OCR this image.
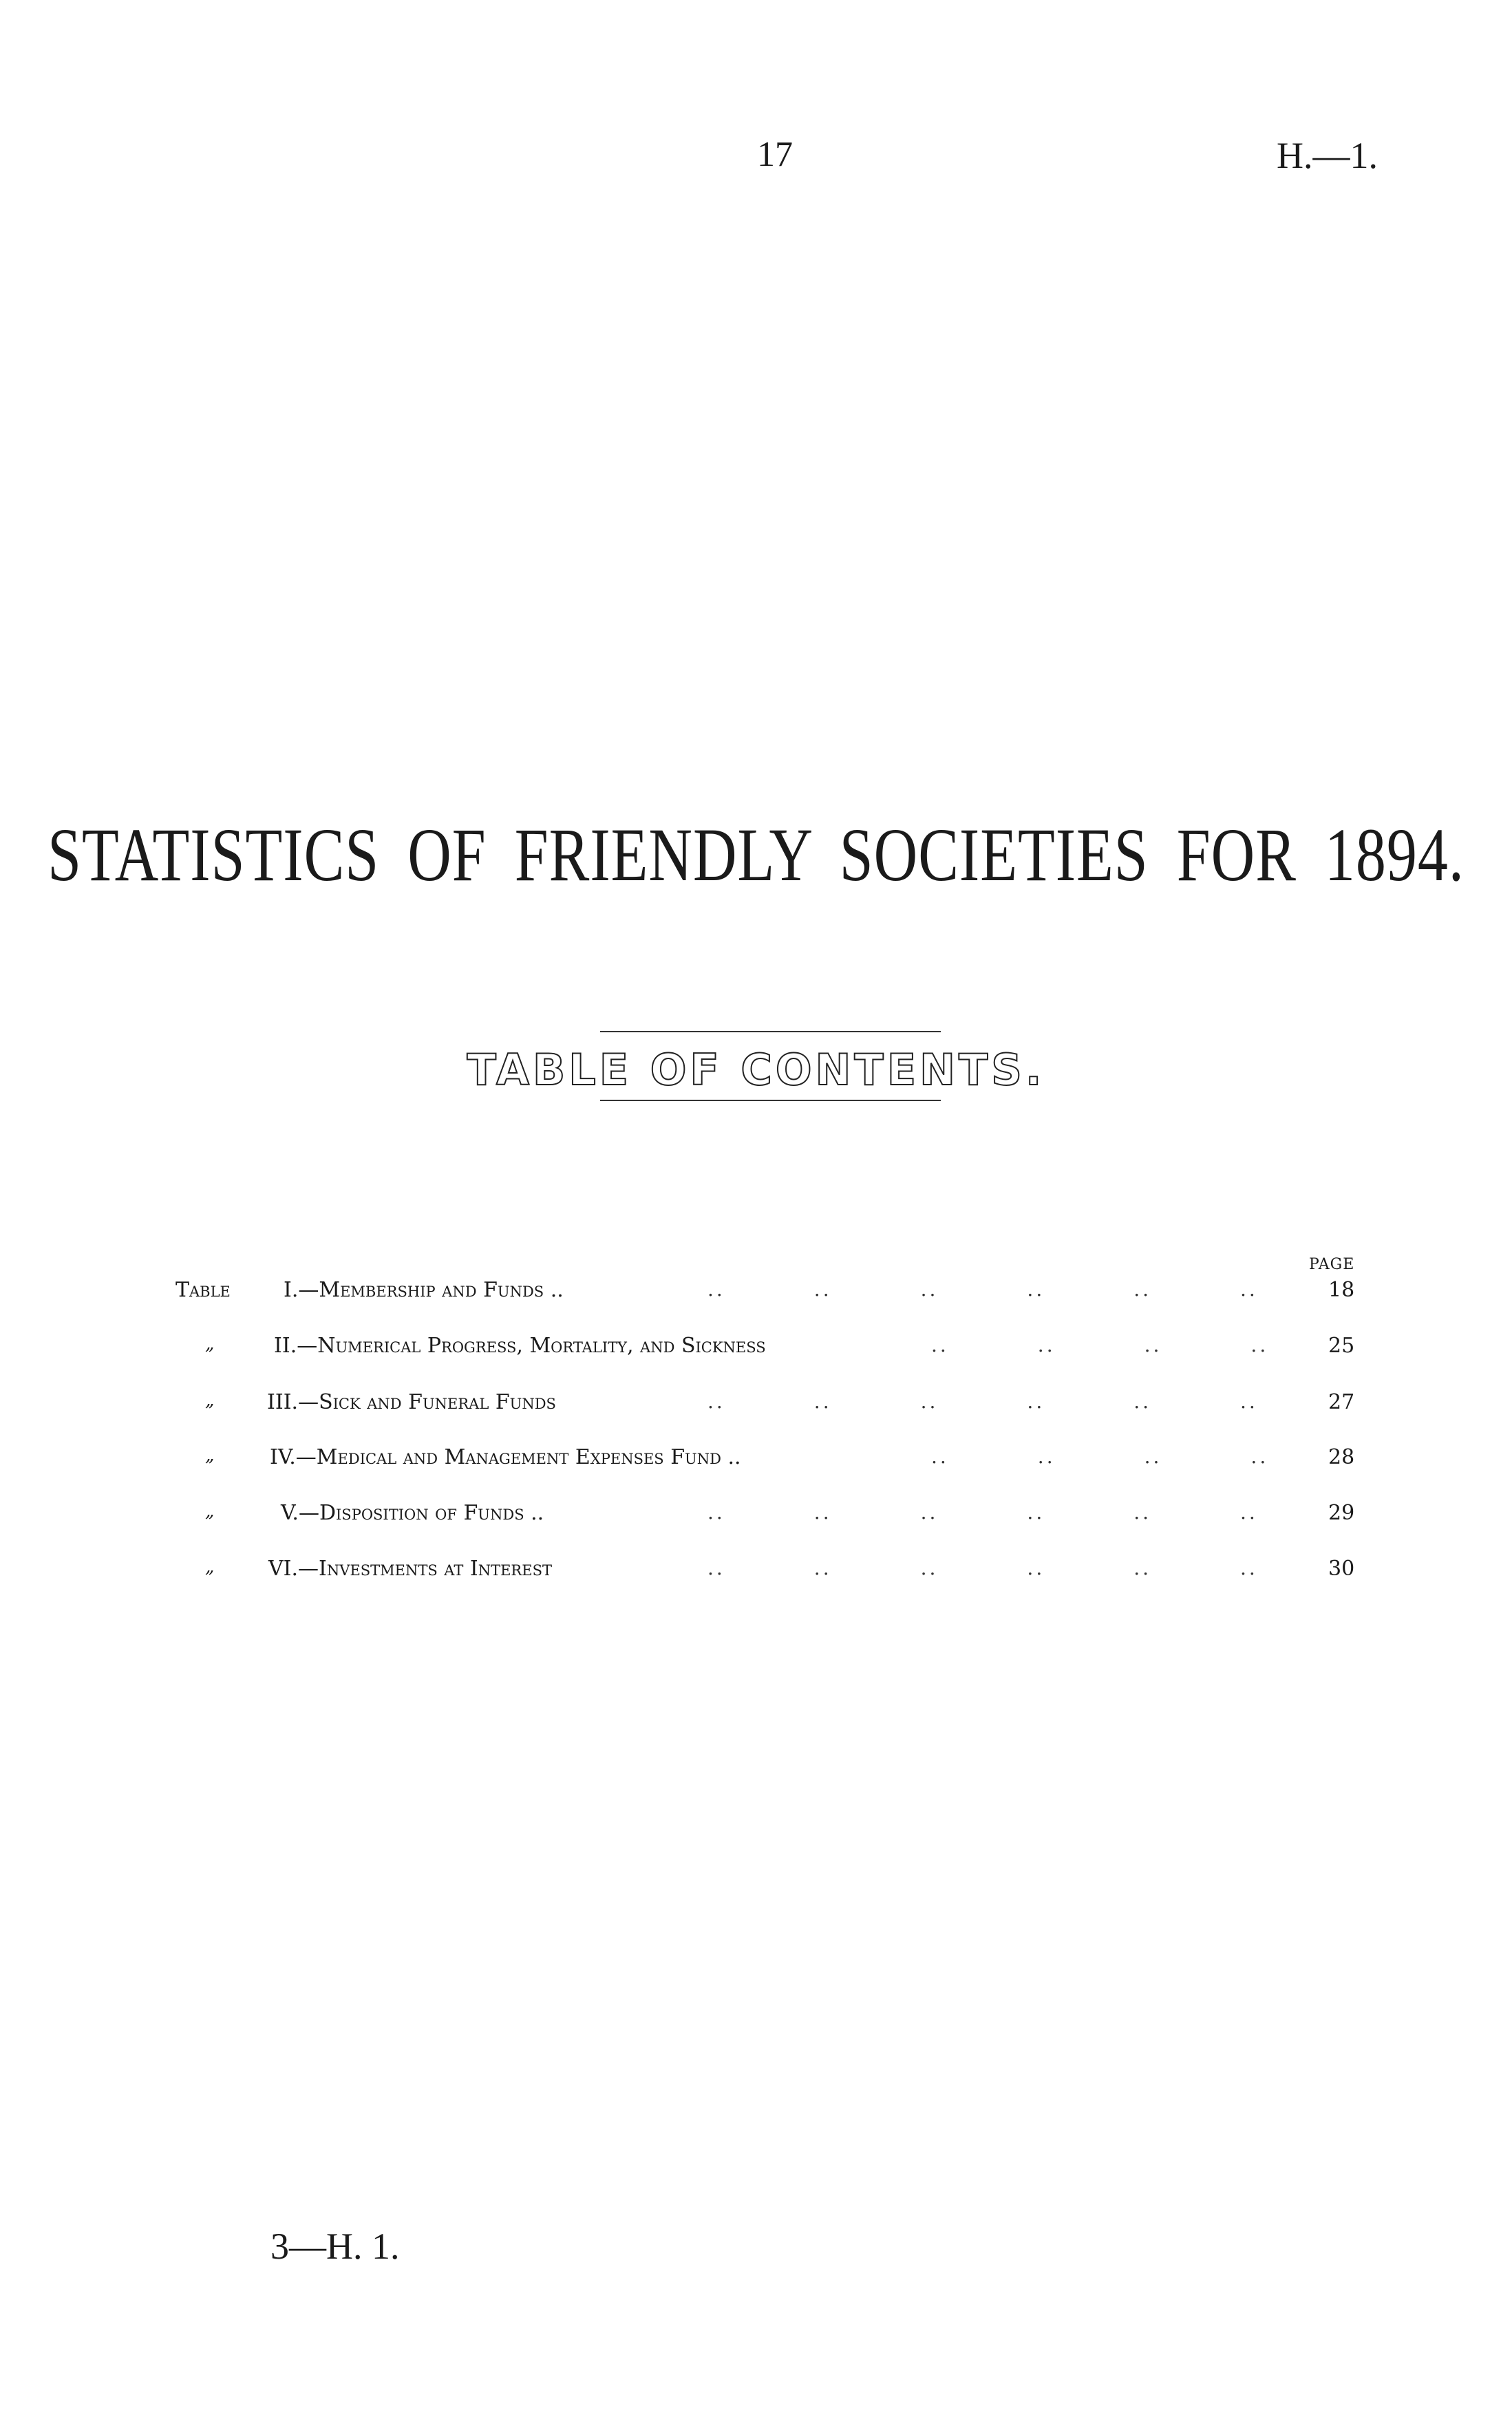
17	H.—1.
STATISTICS OF FRIENDLY SOCIETIES FOR 1894.
TABLE OF CONTENTS.
PAGE
Table	I.—Membership and Funds ..	..          ..          ..          ..          ..          ..	18
„	II.—Numerical Progress, Mortality, and Sickness	..          ..          ..          ..	25
„	III.—Sick and Funeral Funds	..          ..          ..          ..          ..          ..	27
„	IV.—Medical and Management Expenses Fund ..	..          ..          ..          ..	28
„	V.—Disposition of Funds ..	..          ..          ..          ..          ..          ..	29
„	VI.—Investments at Interest	..          ..          ..          ..          ..          ..	30
3—H. 1.
